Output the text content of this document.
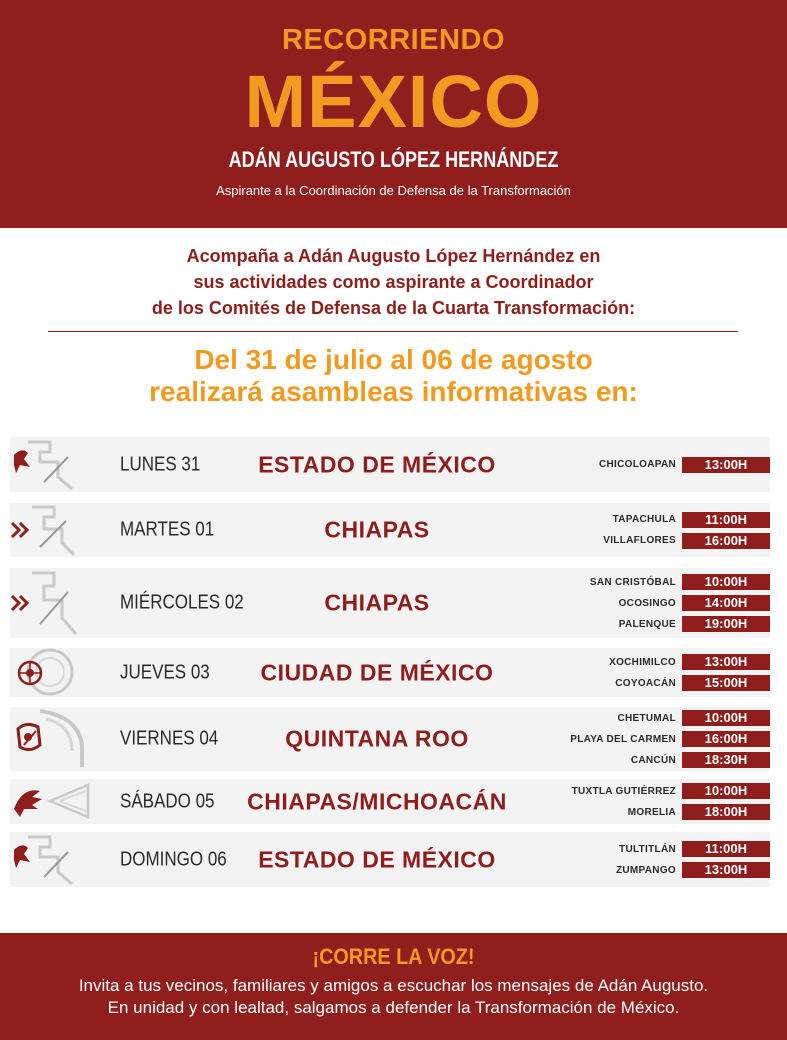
RECORRIENDO
MÉXICO
ADÁN AUGUSTO LÓPEZ HERNÁNDEZ
Aspirante a la Coordinación de Defensa de la Transformación
Acompaña a Adán Augusto López Hernández en
sus actividades como aspirante a Coordinador
de los Comités de Defensa de la Cuarta Transformación:
Del 31 de julio al 06 de agosto
realizará asambleas informativas en:
LUNES 31	ESTADO DE MÉXICO	CHICOLOAPAN	13:00H
MARTES 01	CHIAPAS	TAPACHULA	11:00H
VILLAFLORES	16:00H
MIÉRCOLES 02	CHIAPAS
SAN CRISTÓBAL	10:00H
OCOSINGO	14:00H
PALENQUE	19:00H
JUEVES 03	CIUDAD DE MÉXICO	XOCHIMILCO	13:00H
COYOACÁN	15:00H
VIERNES 04	QUINTANA ROO
CHETUMAL	10:00H
PLAYA DEL CARMEN	16:00H
CANCÚN	18:30H
SÁBADO 05	CHIAPAS/MICHOACÁN	TUXTLA GUTIÉRREZ	10:00H
MORELIA	18:00H
DOMINGO 06	ESTADO DE MÉXICO	TULTITLÁN	11:00H
ZUMPANGO	13:00H
¡CORRE LA VOZ!
Invita a tus vecinos, familiares y amigos a escuchar los mensajes de Adán Augusto.
En unidad y con lealtad, salgamos a defender la Transformación de México.
